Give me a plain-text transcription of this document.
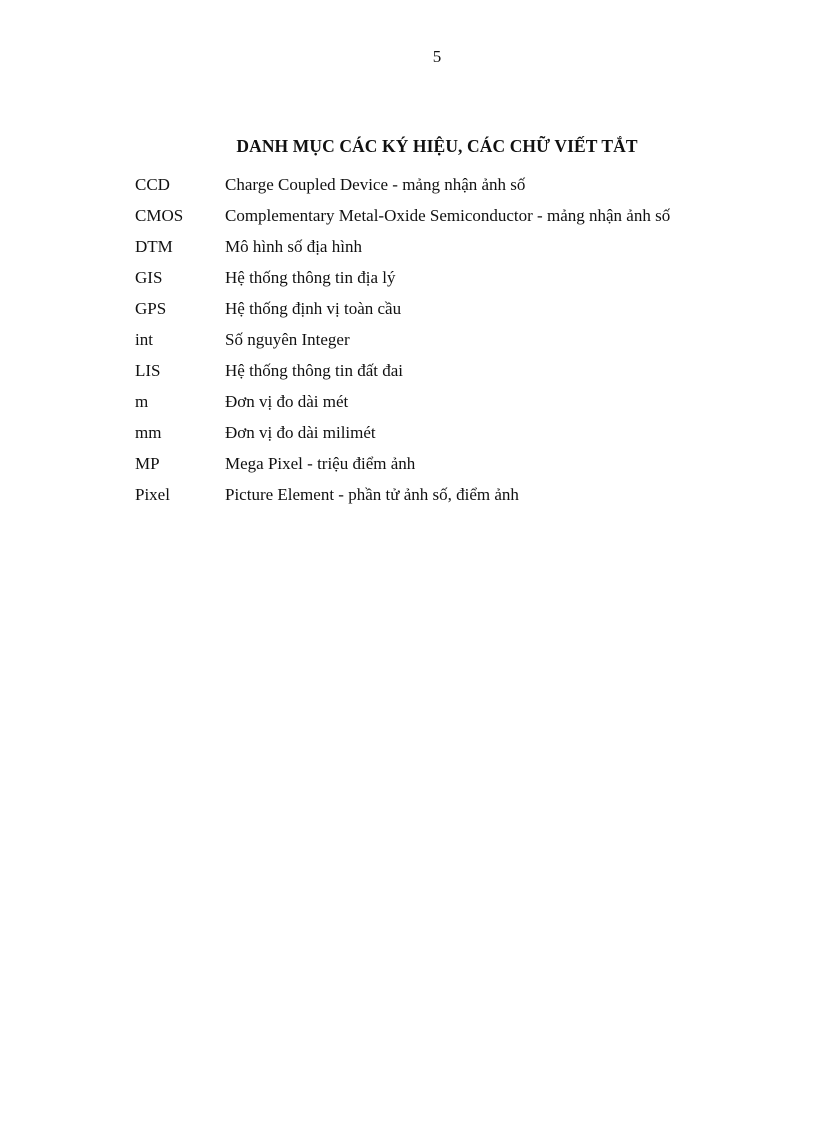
5
DANH MỤC CÁC KÝ HIỆU, CÁC CHỮ VIẾT TẮT
CCD	Charge Coupled Device - mảng nhận ảnh số
CMOS	Complementary Metal-Oxide Semiconductor - mảng nhận ảnh số
DTM	Mô hình số địa hình
GIS	Hệ thống thông tin địa lý
GPS	Hệ thống định vị toàn cầu
int	Số nguyên Integer
LIS	Hệ thống thông tin đất đai
m	Đơn vị đo dài mét
mm	Đơn vị đo dài milimét
MP	Mega Pixel - triệu điểm ảnh
Pixel	Picture Element - phần tử ảnh số, điểm ảnh
